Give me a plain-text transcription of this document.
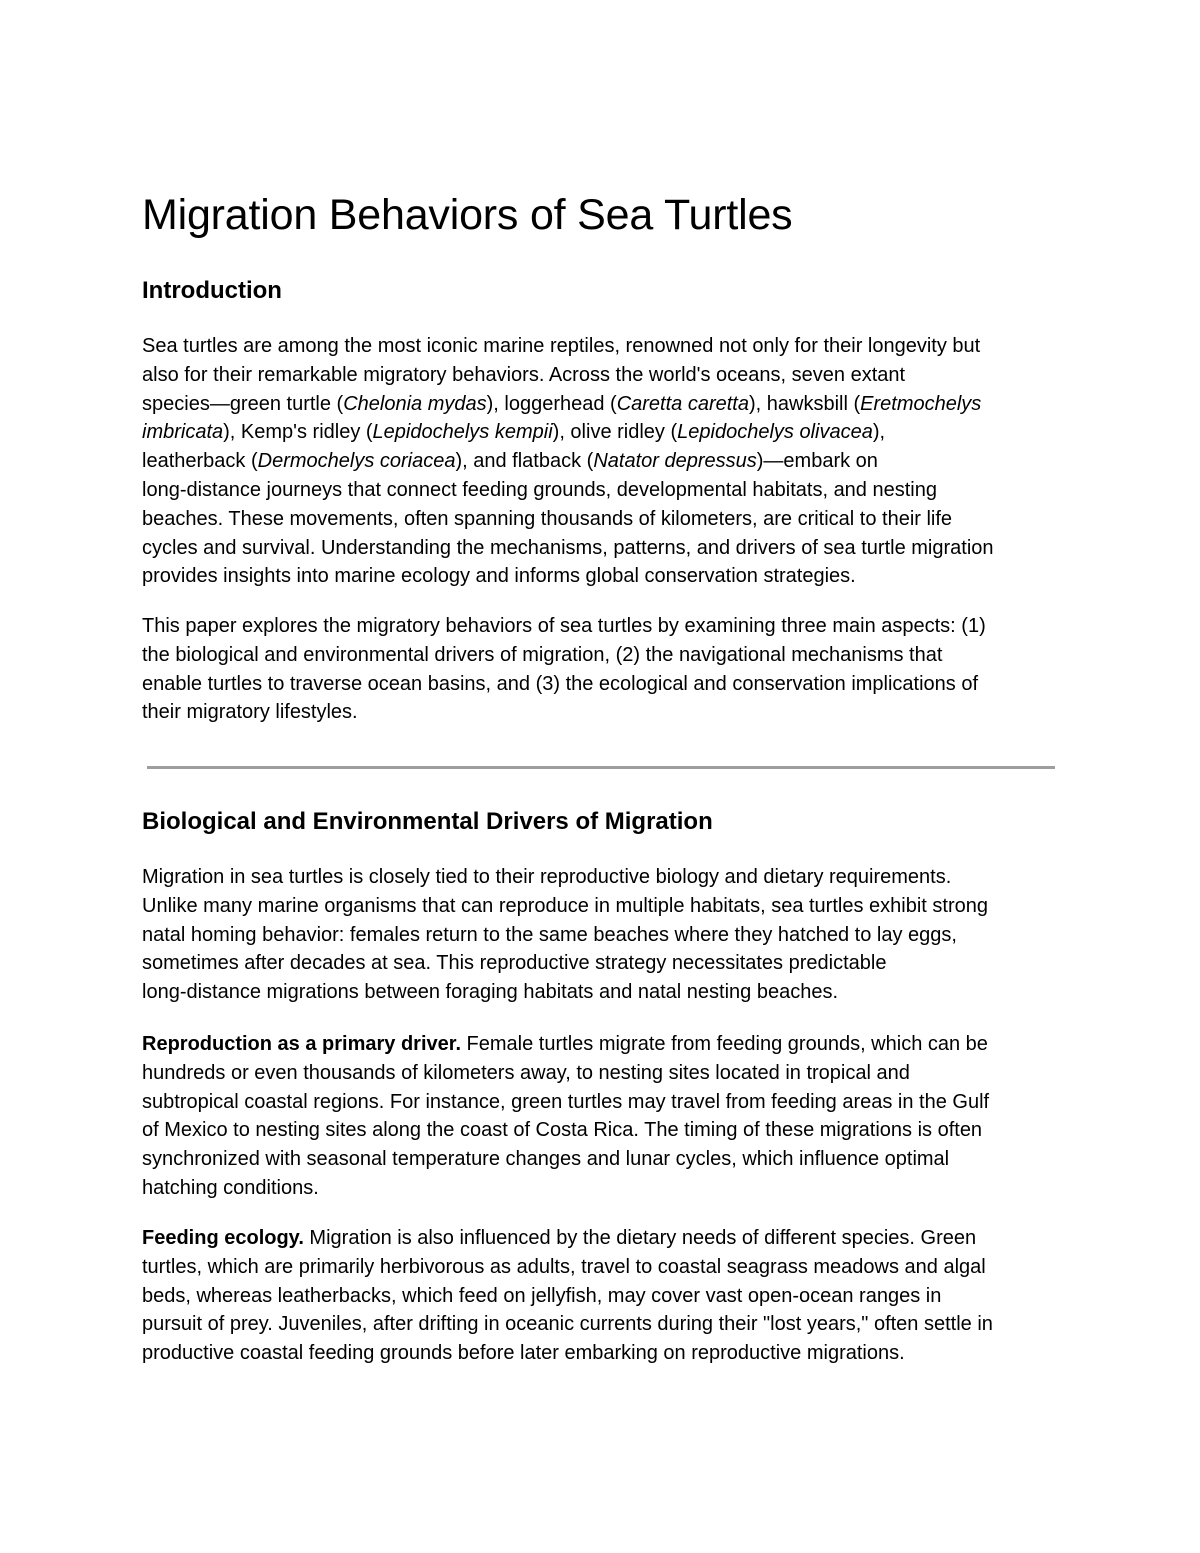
Migration Behaviors of Sea Turtles
Introduction
Sea turtles are among the most iconic marine reptiles, renowned not only for their longevity but
also for their remarkable migratory behaviors. Across the world's oceans, seven extant
species—green turtle (Chelonia mydas), loggerhead (Caretta caretta), hawksbill (Eretmochelys
imbricata), Kemp's ridley (Lepidochelys kempii), olive ridley (Lepidochelys olivacea),
leatherback (Dermochelys coriacea), and flatback (Natator depressus)—embark on
long-distance journeys that connect feeding grounds, developmental habitats, and nesting
beaches. These movements, often spanning thousands of kilometers, are critical to their life
cycles and survival. Understanding the mechanisms, patterns, and drivers of sea turtle migration
provides insights into marine ecology and informs global conservation strategies.
This paper explores the migratory behaviors of sea turtles by examining three main aspects: (1)
the biological and environmental drivers of migration, (2) the navigational mechanisms that
enable turtles to traverse ocean basins, and (3) the ecological and conservation implications of
their migratory lifestyles.
Biological and Environmental Drivers of Migration
Migration in sea turtles is closely tied to their reproductive biology and dietary requirements.
Unlike many marine organisms that can reproduce in multiple habitats, sea turtles exhibit strong
natal homing behavior: females return to the same beaches where they hatched to lay eggs,
sometimes after decades at sea. This reproductive strategy necessitates predictable
long-distance migrations between foraging habitats and natal nesting beaches.
Reproduction as a primary driver. Female turtles migrate from feeding grounds, which can be
hundreds or even thousands of kilometers away, to nesting sites located in tropical and
subtropical coastal regions. For instance, green turtles may travel from feeding areas in the Gulf
of Mexico to nesting sites along the coast of Costa Rica. The timing of these migrations is often
synchronized with seasonal temperature changes and lunar cycles, which influence optimal
hatching conditions.
Feeding ecology. Migration is also influenced by the dietary needs of different species. Green
turtles, which are primarily herbivorous as adults, travel to coastal seagrass meadows and algal
beds, whereas leatherbacks, which feed on jellyfish, may cover vast open-ocean ranges in
pursuit of prey. Juveniles, after drifting in oceanic currents during their "lost years," often settle in
productive coastal feeding grounds before later embarking on reproductive migrations.
